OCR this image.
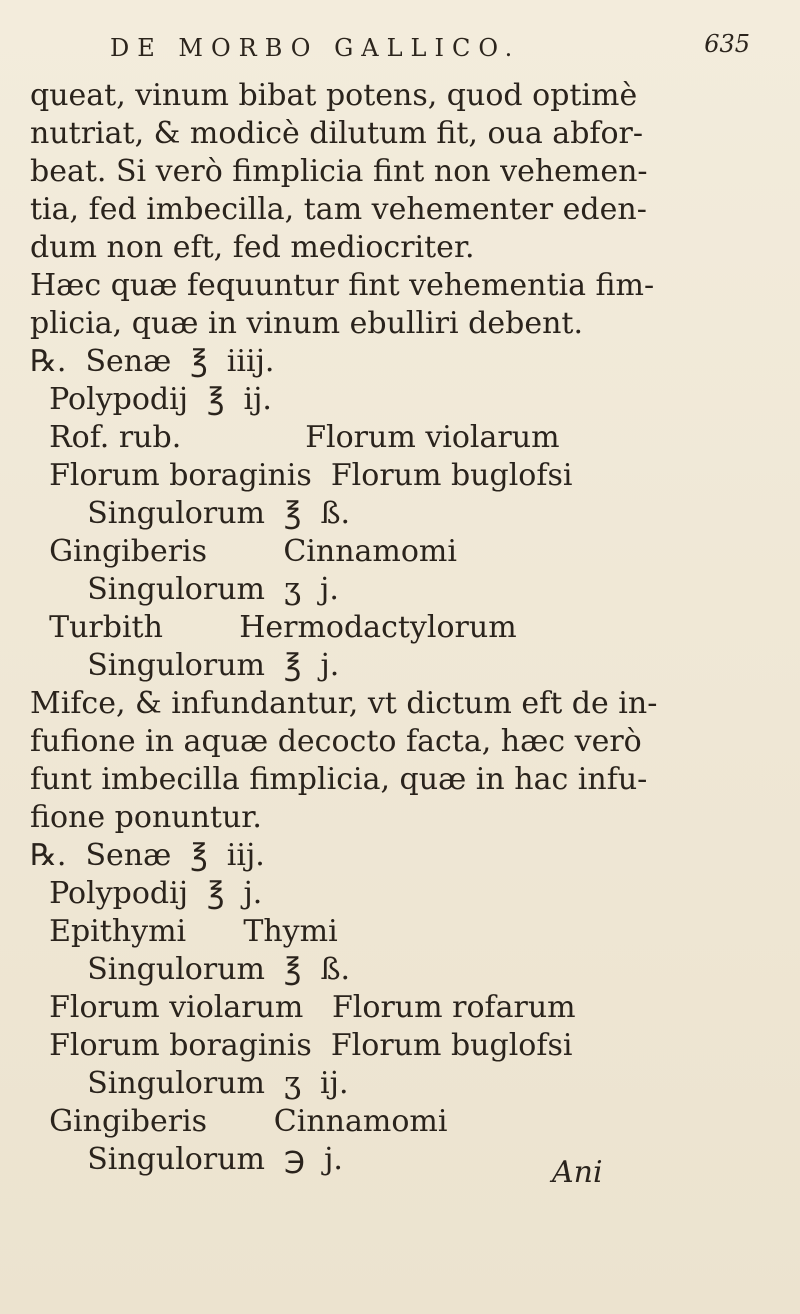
DE MORBO GALLICO.	635
queat, vinum bibat potens, quod optimè
nutriat, & modicè dilutum fit, oua abfor-
beat. Si verò fimplicia fint non vehemen-
tia, fed imbecilla, tam vehementer eden-
dum non eft, fed mediocriter.
Hæc quæ fequuntur fint vehementia fim-
plicia, quæ in vinum ebulliri debent.
℞.  Senæ  ℥  iiij.
Polypodij  ℥  ij.
Rof. rub.             Florum violarum
Florum boraginis  Florum buglofsi
Singulorum  ℥  ß.
Gingiberis        Cinnamomi
Singulorum  ʒ  j.
Turbith        Hermodactylorum
Singulorum  ℥  j.
Mifce, & infundantur, vt dictum eft de in-
fufione in aquæ decocto facta, hæc verò
funt imbecilla fimplicia, quæ in hac infu-
fione ponuntur.
℞.  Senæ  ℥  iij.
Polypodij  ℥  j.
Epithymi      Thymi
Singulorum  ℥  ß.
Florum violarum   Florum rofarum
Florum boraginis  Florum buglofsi
Singulorum  ʒ  ij.
Gingiberis       Cinnamomi
Singulorum  ℈  j.	Ani
